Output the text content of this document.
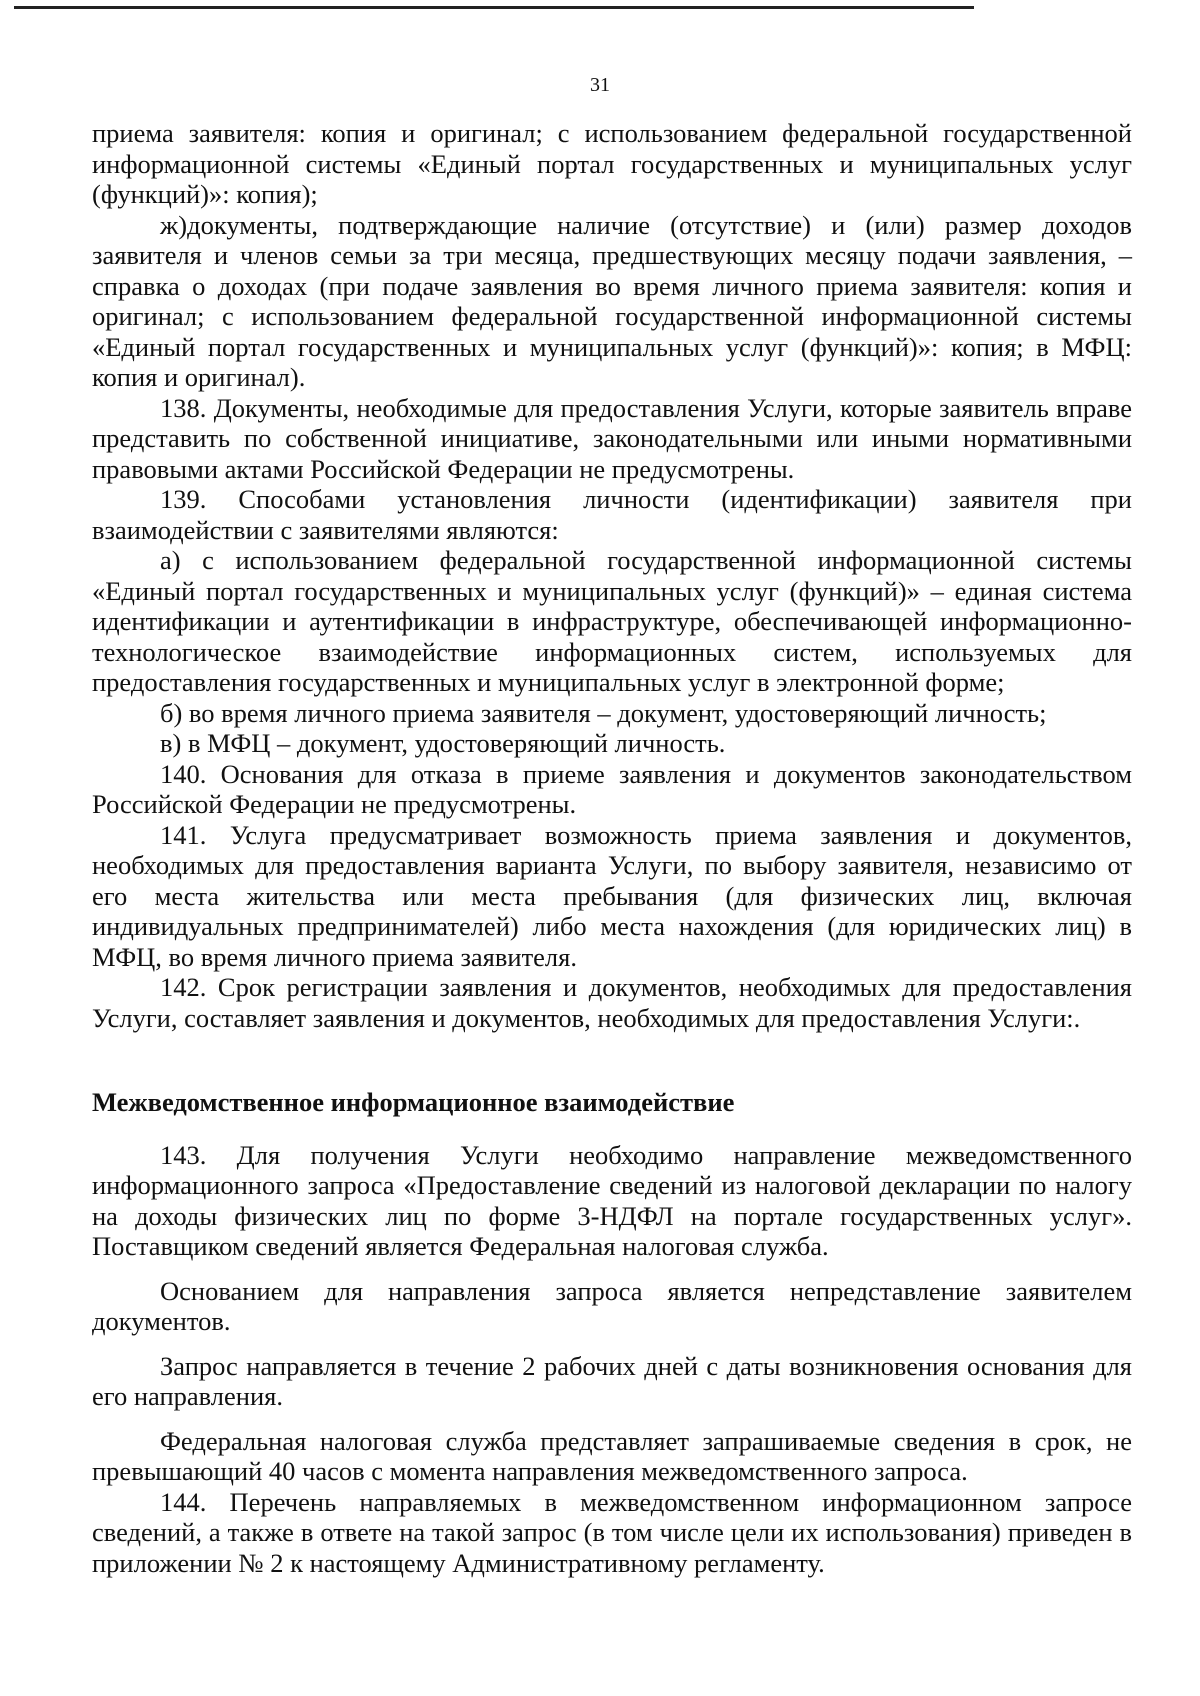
31

приема заявителя: копия и оригинал; с использованием федеральной государственной информационной системы «Единый портал государственных и муниципальных услуг (функций)»: копия);

ж)документы, подтверждающие наличие (отсутствие) и (или) размер доходов заявителя и членов семьи за три месяца, предшествующих месяцу подачи заявления, – справка о доходах (при подаче заявления во время личного приема заявителя: копия и оригинал; с использованием федеральной государственной информационной системы «Единый портал государственных и муниципальных услуг (функций)»: копия; в МФЦ: копия и оригинал).

138. Документы, необходимые для предоставления Услуги, которые заявитель вправе представить по собственной инициативе, законодательными или иными нормативными правовыми актами Российской Федерации не предусмотрены.

139. Способами установления личности (идентификации) заявителя при взаимодействии с заявителями являются:

а) с использованием федеральной государственной информационной системы «Единый портал государственных и муниципальных услуг (функций)» – единая система идентификации и аутентификации в инфраструктуре, обеспечивающей информационно-технологическое взаимодействие информационных систем, используемых для предоставления государственных и муниципальных услуг в электронной форме;

б) во время личного приема заявителя – документ, удостоверяющий личность;

в) в МФЦ – документ, удостоверяющий личность.

140. Основания для отказа в приеме заявления и документов законодательством Российской Федерации не предусмотрены.

141. Услуга предусматривает возможность приема заявления и документов, необходимых для предоставления варианта Услуги, по выбору заявителя, независимо от его места жительства или места пребывания (для физических лиц, включая индивидуальных предпринимателей) либо места нахождения (для юридических лиц) в МФЦ, во время личного приема заявителя.

142. Срок регистрации заявления и документов, необходимых для предоставления Услуги, составляет заявления и документов, необходимых для предоставления Услуги:.

Межведомственное информационное взаимодействие

143. Для получения Услуги необходимо направление межведомственного информационного запроса «Предоставление сведений из налоговой декларации по налогу на доходы физических лиц по форме 3-НДФЛ на портале государственных услуг». Поставщиком сведений является Федеральная налоговая служба.

Основанием для направления запроса является непредставление заявителем документов.

Запрос направляется в течение 2 рабочих дней с даты возникновения основания для его направления.

Федеральная налоговая служба представляет запрашиваемые сведения в срок, не превышающий 40 часов с момента направления межведомственного запроса.

144. Перечень направляемых в межведомственном информационном запросе сведений, а также в ответе на такой запрос (в том числе цели их использования) приведен в приложении № 2 к настоящему Административному регламенту.
